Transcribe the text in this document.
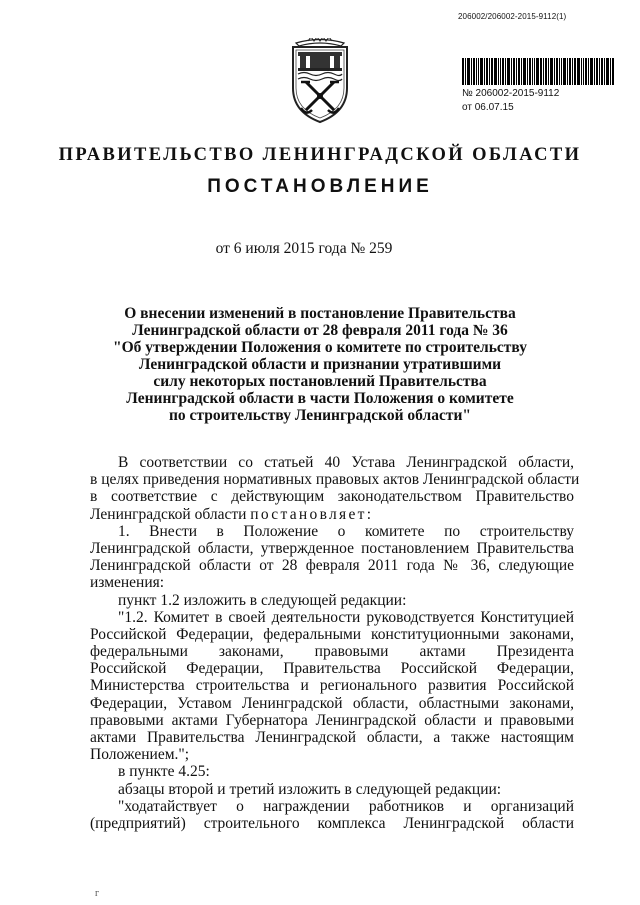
206002/206002-2015-9112(1)
№ 206002-2015-9112
от 06.07.15
ПРАВИТЕЛЬСТВО ЛЕНИНГРАДСКОЙ ОБЛАСТИ
ПОСТАНОВЛЕНИЕ
от 6 июля 2015 года № 259
О внесении изменений в постановление Правительства
Ленинградской области от 28 февраля 2011 года № 36
"Об утверждении Положения о комитете по строительству
Ленинградской области и признании утратившими
силу некоторых постановлений Правительства
Ленинградской области в части Положения о комитете
по строительству Ленинградской области"
В соответствии со статьей 40 Устава Ленинградской области,
в целях приведения нормативных правовых актов Ленинградской области
в соответствие с действующим законодательством Правительство
Ленинградской области постановляет:
1. Внести в Положение о комитете по строительству
Ленинградской области, утвержденное постановлением Правительства
Ленинградской области от 28 февраля 2011 года № 36, следующие
изменения:
пункт 1.2 изложить в следующей редакции:
"1.2. Комитет в своей деятельности руководствуется Конституцией
Российской Федерации, федеральными конституционными законами,
федеральными законами, правовыми актами Президента
Российской Федерации, Правительства Российской Федерации,
Министерства строительства и регионального развития Российской
Федерации, Уставом Ленинградской области, областными законами,
правовыми актами Губернатора Ленинградской области и правовыми
актами Правительства Ленинградской области, а также настоящим
Положением.";
в пункте 4.25:
абзацы второй и третий изложить в следующей редакции:
"ходатайствует о награждении работников и организаций
(предприятий) строительного комплекса Ленинградской области
г
